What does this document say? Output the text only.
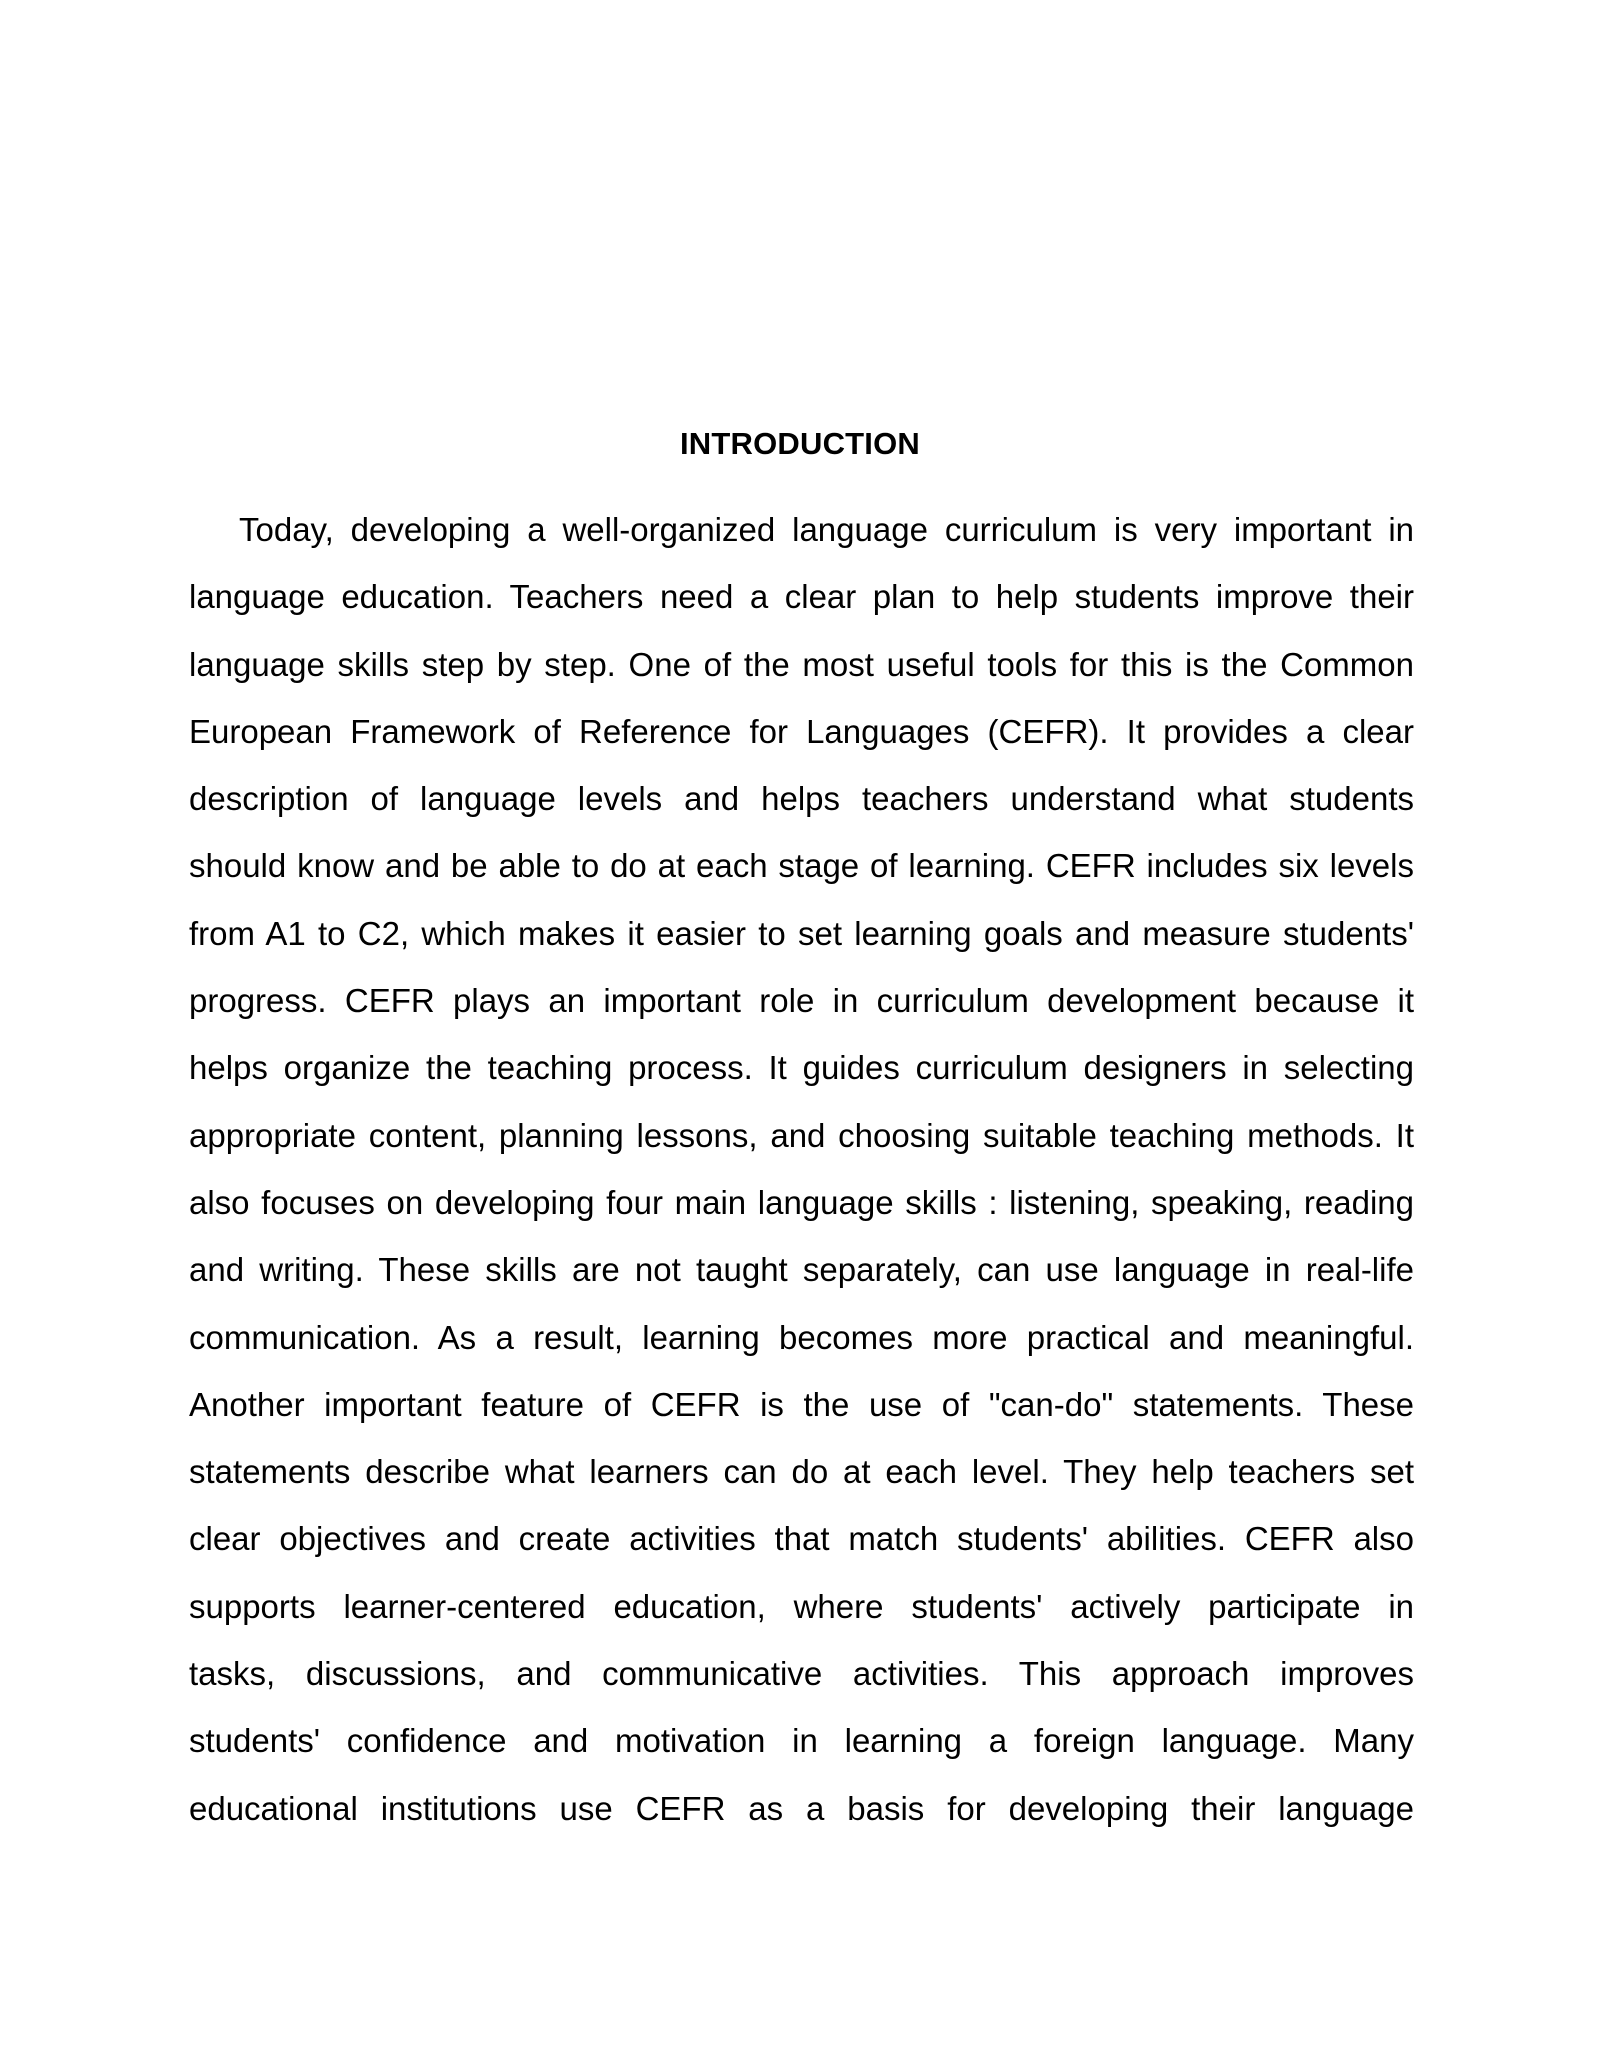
INTRODUCTION
Today, developing a well-organized language curriculum is very important in
language education. Teachers need a clear plan to help students improve their
language skills step by step. One of the most useful tools for this is the Common
European Framework of Reference for Languages (CEFR). It provides a clear
description of language levels and helps teachers understand what students
should know and be able to do at each stage of learning. CEFR includes six levels
from A1 to C2, which makes it easier to set learning goals and measure students'
progress. CEFR plays an important role in curriculum development because it
helps organize the teaching process. It guides curriculum designers in selecting
appropriate content, planning lessons, and choosing suitable teaching methods. It
also focuses on developing four main language skills : listening, speaking, reading
and writing. These skills are not taught separately, can use language in real-life
communication. As a result, learning becomes more practical and meaningful.
Another important feature of CEFR is the use of "can-do" statements. These
statements describe what learners can do at each level. They help teachers set
clear objectives and create activities that match students' abilities. CEFR also
supports learner-centered education, where students' actively participate in
tasks, discussions, and communicative activities. This approach improves
students' confidence and motivation in learning a foreign language. Many
educational institutions use CEFR as a basis for developing their language
